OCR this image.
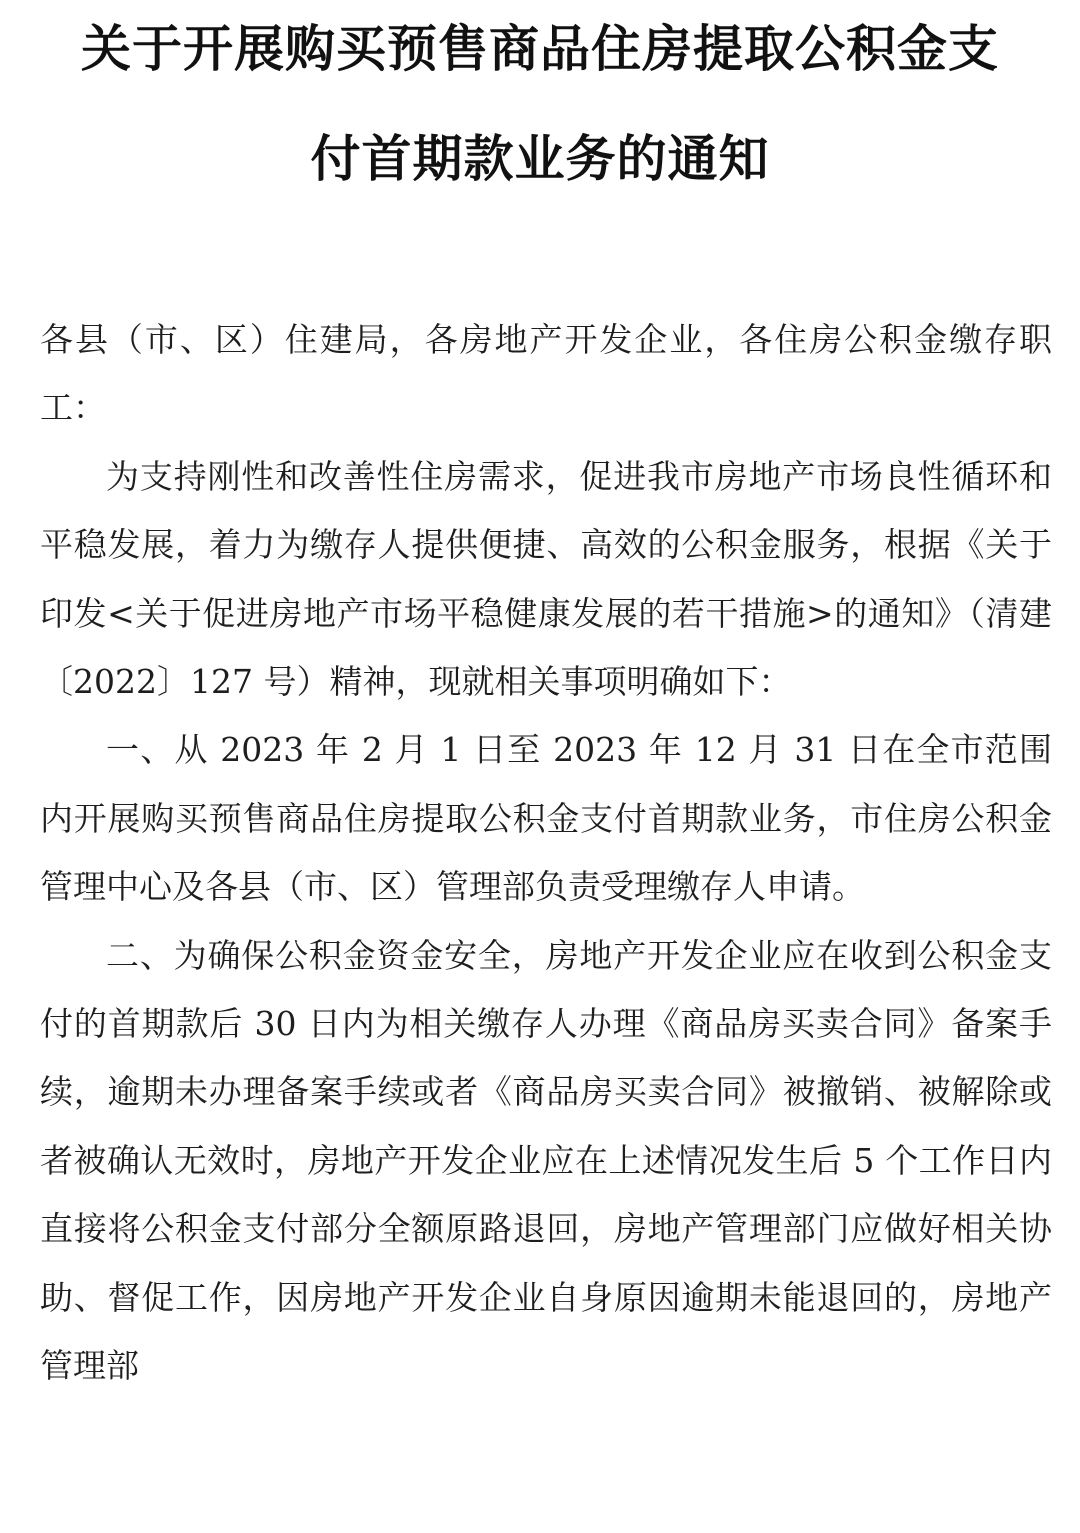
关于开展购买预售商品住房提取公积金支
付首期款业务的通知

各县（市、区）住建局，各房地产开发企业，各住房公积金缴存职工：

为支持刚性和改善性住房需求，促进我市房地产市场良性循环和平稳发展，着力为缴存人提供便捷、高效的公积金服务，根据《关于印发<关于促进房地产市场平稳健康发展的若干措施>的通知》（清建〔2022〕127 号）精神，现就相关事项明确如下：

一、从 2023 年 2 月 1 日至 2023 年 12 月 31 日在全市范围内开展购买预售商品住房提取公积金支付首期款业务，市住房公积金管理中心及各县（市、区）管理部负责受理缴存人申请。

二、为确保公积金资金安全，房地产开发企业应在收到公积金支付的首期款后 30 日内为相关缴存人办理《商品房买卖合同》备案手续，逾期未办理备案手续或者《商品房买卖合同》被撤销、被解除或者被确认无效时，房地产开发企业应在上述情况发生后 5 个工作日内直接将公积金支付部分全额原路退回，房地产管理部门应做好相关协助、督促工作，因房地产开发企业自身原因逾期未能退回的，房地产管理部
